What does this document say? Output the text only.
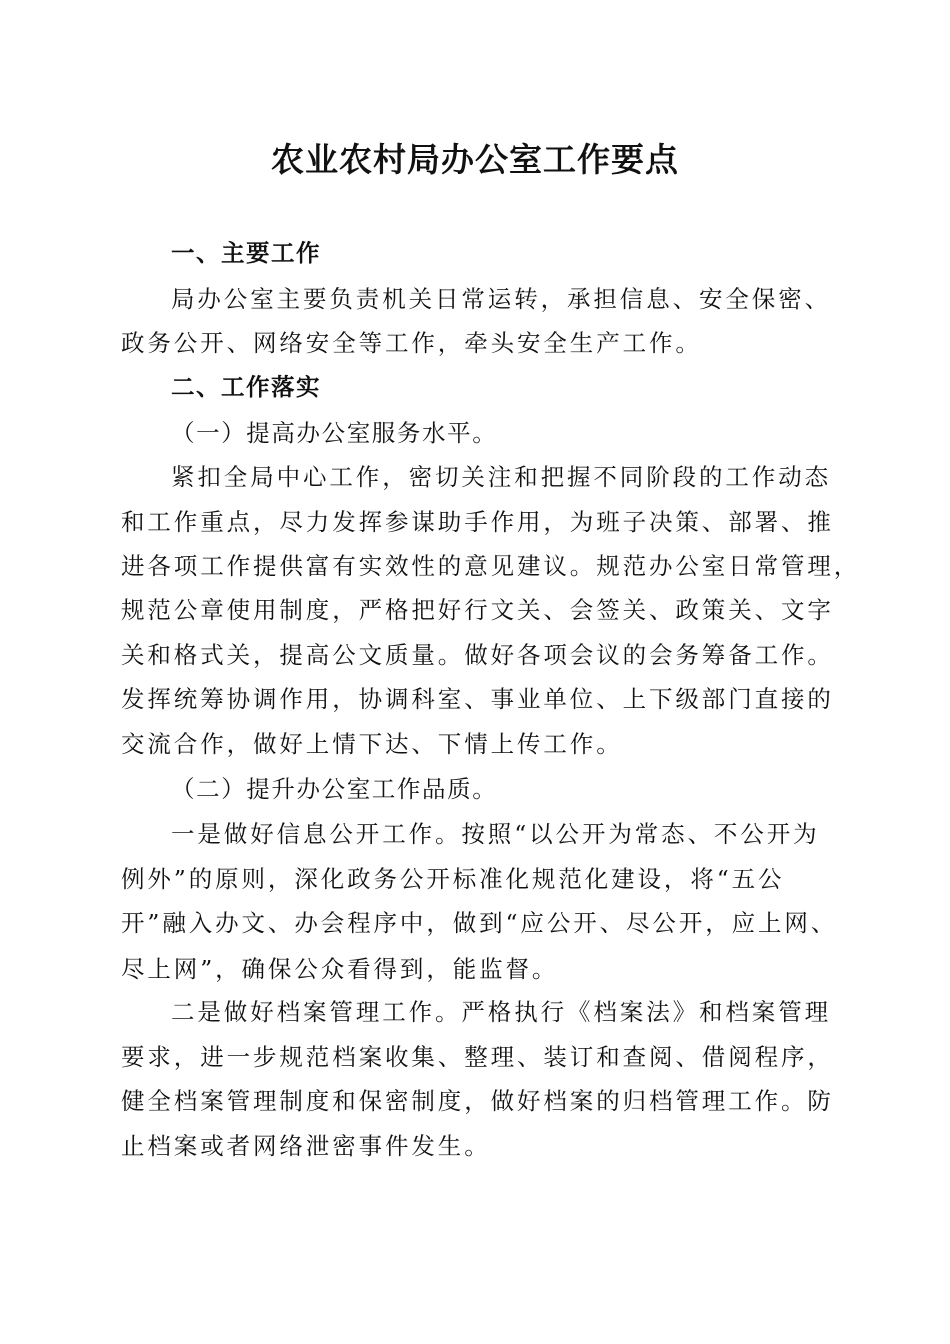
农业农村局办公室工作要点
一、主要工作
局办公室主要负责机关日常运转，承担信息、安全保密、
政务公开、网络安全等工作，牵头安全生产工作。
二、工作落实
（一）提高办公室服务水平。
紧扣全局中心工作，密切关注和把握不同阶段的工作动态
和工作重点，尽力发挥参谋助手作用，为班子决策、部署、推
进各项工作提供富有实效性的意见建议。规范办公室日常管理，
规范公章使用制度，严格把好行文关、会签关、政策关、文字
关和格式关，提高公文质量。做好各项会议的会务筹备工作。
发挥统筹协调作用，协调科室、事业单位、上下级部门直接的
交流合作，做好上情下达、下情上传工作。
（二）提升办公室工作品质。
一是做好信息公开工作。按照“以公开为常态、不公开为
例外”的原则，深化政务公开标准化规范化建设，将“五公
开”融入办文、办会程序中，做到“应公开、尽公开，应上网、
尽上网”，确保公众看得到，能监督。
二是做好档案管理工作。严格执行《档案法》和档案管理
要求，进一步规范档案收集、整理、装订和查阅、借阅程序，
健全档案管理制度和保密制度，做好档案的归档管理工作。防
止档案或者网络泄密事件发生。
